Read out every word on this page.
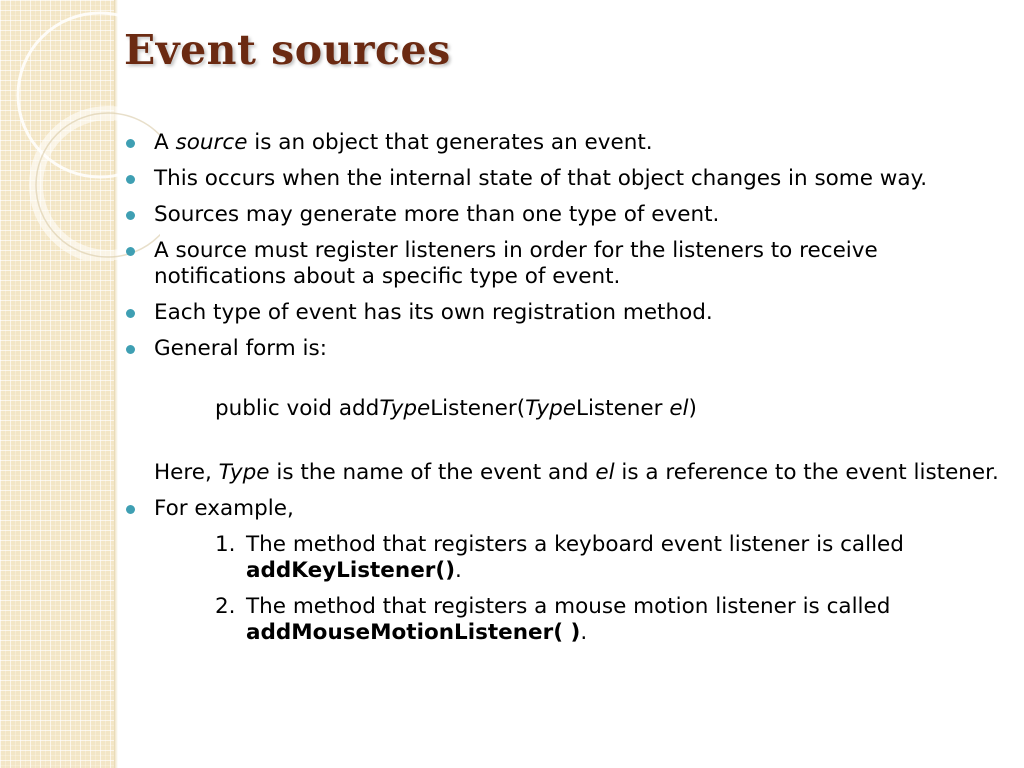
Event sources
A source is an object that generates an event.
This occurs when the internal state of that object changes in some way.
Sources may generate more than one type of event.
A source must register listeners in order for the listeners to receive notifications about a specific type of event.
Each type of event has its own registration method.
General form is:
public void addTypeListener(TypeListener el)
Here, Type is the name of the event and el is a reference to the event listener.
For example,
1. The method that registers a keyboard event listener is called addKeyListener().
2. The method that registers a mouse motion listener is called addMouseMotionListener( ).
